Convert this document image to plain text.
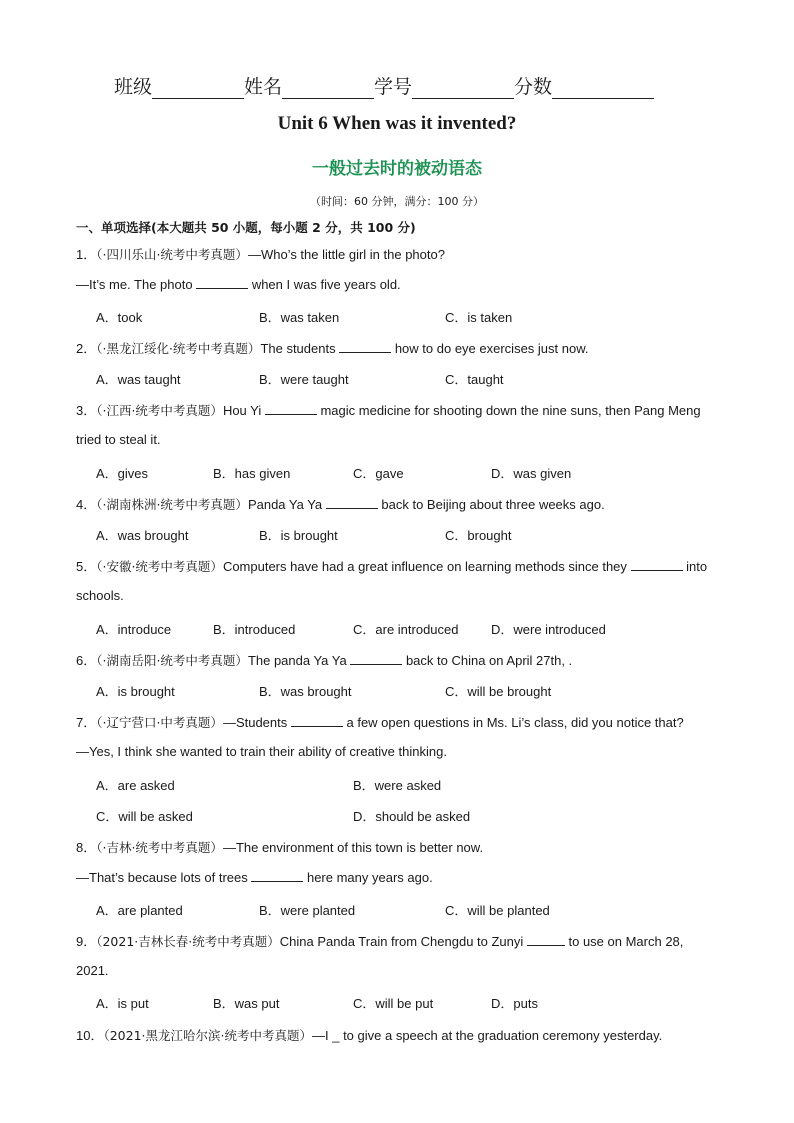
班级	姓名	学号	分数
Unit 6 When was it invented?
一般过去时的被动语态
（时间：60 分钟，满分：100 分）
一、单项选择(本大题共 50 小题，每小题 2 分，共 100 分)
1．（·四川乐山·统考中考真题）—Who’s the little girl in the photo?
—It’s me. The photo	when I was five years old.
A．took	B．was taken	C．is taken
2．（·黑龙江绥化·统考中考真题）The students	how to do eye exercises just now.
A．was taught	B．were taught	C．taught
3．（·江西·统考中考真题）Hou Yi	magic medicine for shooting down the nine suns, then Pang Meng
tried to steal it.
A．gives	B．has given	C．gave	D．was given
4．（·湖南株洲·统考中考真题）Panda Ya Ya	back to Beijing about three weeks ago.
A．was brought	B．is brought	C．brought
5．（·安徽·统考中考真题）Computers have had a great influence on learning methods since they	into
schools.
A．introduce	B．introduced	C．are introduced	D．were introduced
6．（·湖南岳阳·统考中考真题）The panda Ya Ya	back to China on April 27th, .
A．is brought	B．was brought	C．will be brought
7．（·辽宁营口·中考真题）—Students	a few open questions in Ms. Li’s class, did you notice that?
—Yes, I think she wanted to train their ability of creative thinking.
A．are asked	B．were asked
C．will be asked	D．should be asked
8．（·吉林·统考中考真题）—The environment of this town is better now.
—That’s because lots of trees	here many years ago.
A．are planted	B．were planted	C．will be planted
9．（2021·吉林长春·统考中考真题）China Panda Train from Chengdu to Zunyi	to use on March 28,
2021.
A．is put	B．was put	C．will be put	D．puts
10．（2021·黑龙江哈尔滨·统考中考真题）—I _ to give a speech at the graduation ceremony yesterday.
